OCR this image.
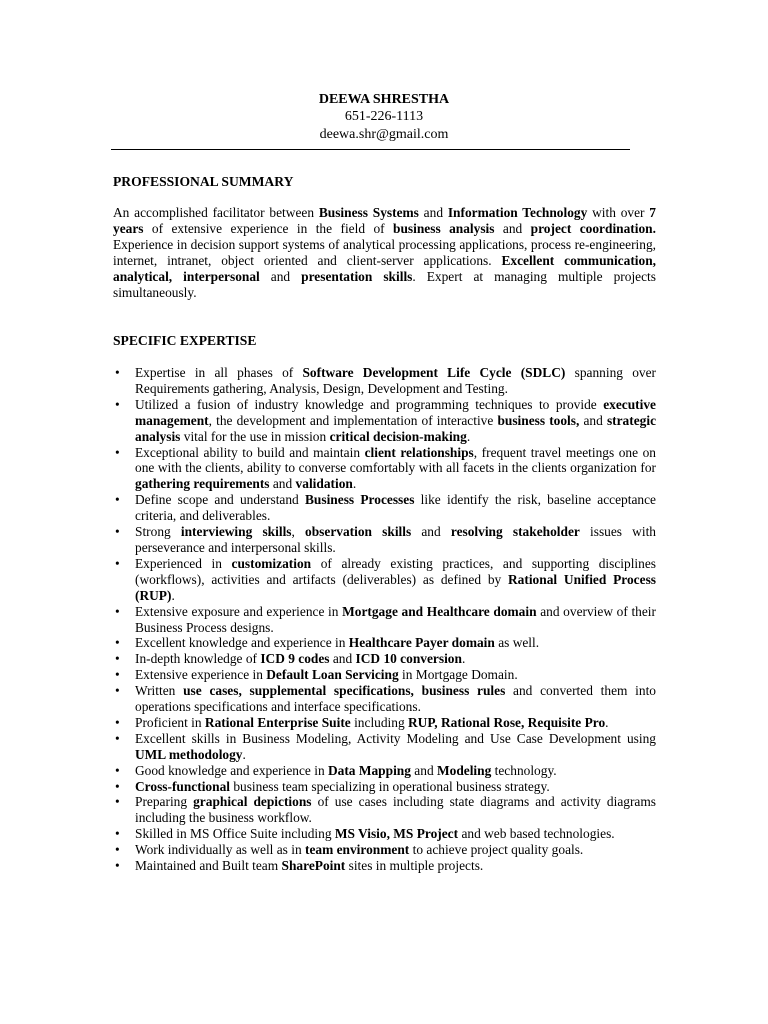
DEEWA SHRESTHA
651-226-1113
deewa.shr@gmail.com
PROFESSIONAL SUMMARY
An accomplished facilitator between Business Systems and Information Technology with over 7 years of extensive experience in the field of business analysis and project coordination. Experience in decision support systems of analytical processing applications, process re-engineering, internet, intranet, object oriented and client-server applications. Excellent communication, analytical, interpersonal and presentation skills. Expert at managing multiple projects simultaneously.
SPECIFIC EXPERTISE
• Expertise in all phases of Software Development Life Cycle (SDLC) spanning over Requirements gathering, Analysis, Design, Development and Testing.
• Utilized a fusion of industry knowledge and programming techniques to provide executive management, the development and implementation of interactive business tools, and strategic analysis vital for the use in mission critical decision-making.
• Exceptional ability to build and maintain client relationships, frequent travel meetings one on one with the clients, ability to converse comfortably with all facets in the clients organization for gathering requirements and validation.
• Define scope and understand Business Processes like identify the risk, baseline acceptance criteria, and deliverables.
• Strong interviewing skills, observation skills and resolving stakeholder issues with perseverance and interpersonal skills.
• Experienced in customization of already existing practices, and supporting disciplines (workflows), activities and artifacts (deliverables) as defined by Rational Unified Process (RUP).
• Extensive exposure and experience in Mortgage and Healthcare domain and overview of their Business Process designs.
• Excellent knowledge and experience in Healthcare Payer domain as well.
• In-depth knowledge of ICD 9 codes and ICD 10 conversion.
• Extensive experience in Default Loan Servicing in Mortgage Domain.
• Written use cases, supplemental specifications, business rules and converted them into operations specifications and interface specifications.
• Proficient in Rational Enterprise Suite including RUP, Rational Rose, Requisite Pro.
• Excellent skills in Business Modeling, Activity Modeling and Use Case Development using UML methodology.
• Good knowledge and experience in Data Mapping and Modeling technology.
• Cross-functional business team specializing in operational business strategy.
• Preparing graphical depictions of use cases including state diagrams and activity diagrams including the business workflow.
• Skilled in MS Office Suite including MS Visio, MS Project and web based technologies.
• Work individually as well as in team environment to achieve project quality goals.
• Maintained and Built team SharePoint sites in multiple projects.
